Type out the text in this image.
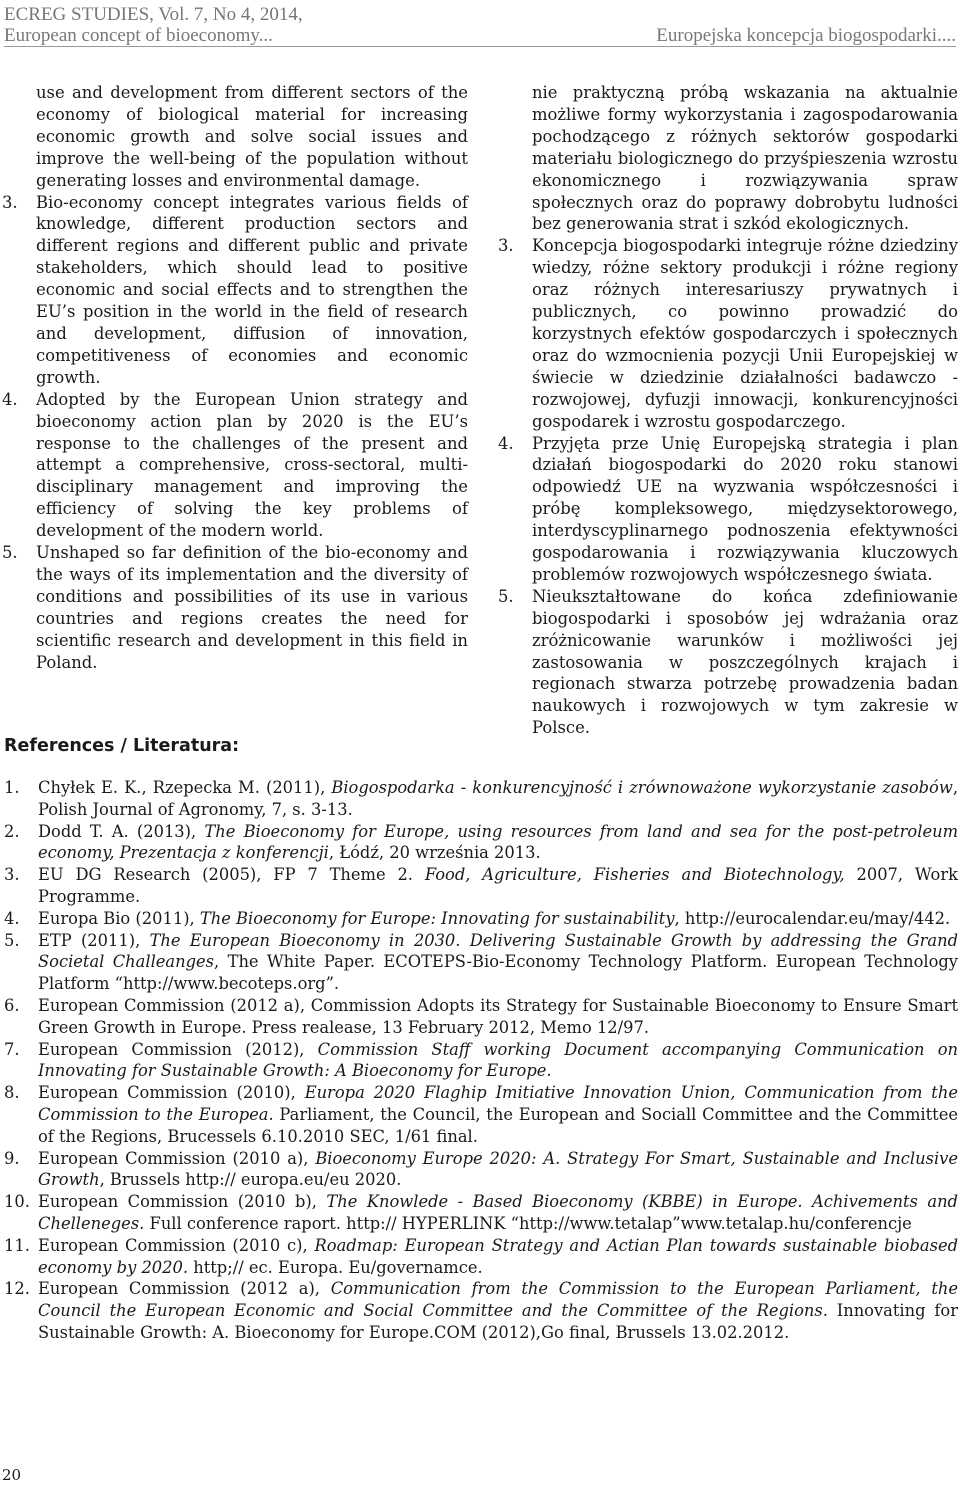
ECREG STUDIES, Vol. 7, No 4, 2014,
European concept of bioeconomy...	Europejska koncepcja biogospodarki....

use and development from different sectors of the economy of biological material for increasing economic growth and solve social issues and improve the well-being of the population without generating losses and environmental damage.

3. Bio-economy concept integrates various fields of knowledge, different production sectors and different regions and different public and private stakeholders, which should lead to positive economic and social effects and to strengthen the EU’s position in the world in the field of research and development, diffusion of innovation, competitiveness of economies and economic growth.
4. Adopted by the European Union strategy and bioeconomy action plan by 2020 is the EU’s response to the challenges of the present and attempt a comprehensive, cross-sectoral, multi-disciplinary management and improving the efficiency of solving the key problems of development of the modern world.
5. Unshaped so far definition of the bio-economy and the ways of its implementation and the diversity of conditions and possibilities of its use in various countries and regions creates the need for scientific research and development in this field in Poland.

nie praktyczną próbą wskazania na aktualnie możliwe formy wykorzystania i zagospodarowania pochodzącego z różnych sektorów gospodarki materiału biologicznego do przyśpieszenia wzrostu ekonomicznego i rozwiązywania spraw społecznych oraz do poprawy dobrobytu ludności bez generowania strat i szkód ekologicznych.

3. Koncepcja biogospodarki integruje różne dziedziny wiedzy, różne sektory produkcji i różne regiony oraz różnych interesariuszy prywatnych i publicznych, co powinno prowadzić do korzystnych efektów gospodarczych i społecznych oraz do wzmocnienia pozycji Unii Europejskiej w świecie w dziedzinie działalności badawczo -rozwojowej, dyfuzji innowacji, konkurencyjności gospodarek i wzrostu gospodarczego.
4. Przyjęta prze Unię Europejską strategia i plan działań biogospodarki do 2020 roku stanowi odpowiedź UE na wyzwania współczesności i próbę kompleksowego, międzysektorowego, interdyscyplinarnego podnoszenia efektywności gospodarowania i rozwiązywania kluczowych problemów rozwojowych współczesnego świata.
5. Nieukształtowane do końca zdefiniowanie biogospodarki i sposobów jej wdrażania oraz zróżnicowanie warunków i możliwości jej zastosowania w poszczególnych krajach i regionach stwarza potrzebę prowadzenia badan naukowych i rozwojowych w tym zakresie w Polsce.
References / Literatura:
1. Chyłek E. K., Rzepecka M. (2011), Biogospodarka - konkurencyjność i zrównoważone wykorzystanie zasobów, Polish Journal of Agronomy, 7, s. 3-13.
2. Dodd T. A. (2013), The Bioeconomy for Europe, using resources from land and sea for the post-petroleum economy, Prezentacja z konferencji, Łódź, 20 września 2013.
3. EU DG Research (2005), FP 7 Theme 2. Food, Agriculture, Fisheries and Biotechnology, 2007, Work Programme.
4. Europa Bio (2011), The Bioeconomy for Europe: Innovating for sustainability, http://eurocalendar.eu/may/442.
5. ETP (2011), The European Bioeconomy in 2030. Delivering Sustainable Growth by addressing the Grand Societal Challeanges, The White Paper. ECOTEPS-Bio-Economy Technology Platform. European Technology Platform “http://www.becoteps.org”.
6. European Commission (2012 a), Commission Adopts its Strategy for Sustainable Bioeconomy to Ensure Smart Green Growth in Europe. Press realease, 13 February 2012, Memo 12/97.
7. European Commission (2012), Commission Staff working Document accompanying Communication on Innovating for Sustainable Growth: A Bioeconomy for Europe.
8. European Commission (2010), Europa 2020 Flaghip Imitiative Innovation Union, Communication from the Commission to the Europea. Parliament, the Council, the European and Sociall Committee and the Committee of the Regions, Brucessels 6.10.2010 SEC, 1/61 final.
9. European Commission (2010 a), Bioeconomy Europe 2020: A. Strategy For Smart, Sustainable and Inclusive Growth, Brussels http:// europa.eu/eu 2020.
10. European Commission (2010 b), The Knowlede - Based Bioeconomy (KBBE) in Europe. Achivements and Chelleneges. Full conference raport. http:// HYPERLINK “http://www.tetalap”www.tetalap.hu/conferencje
11. European Commission (2010 c), Roadmap: European Strategy and Actian Plan towards sustainable biobased economy by 2020. http;// ec. Europa. Eu/governamce.
12. European Commission (2012 a), Communication from the Commission to the European Parliament, the Council the European Economic and Social Committee and the Committee of the Regions. Innovating for Sustainable Growth: A. Bioeconomy for Europe.COM (2012),Go final, Brussels 13.02.2012.
20
